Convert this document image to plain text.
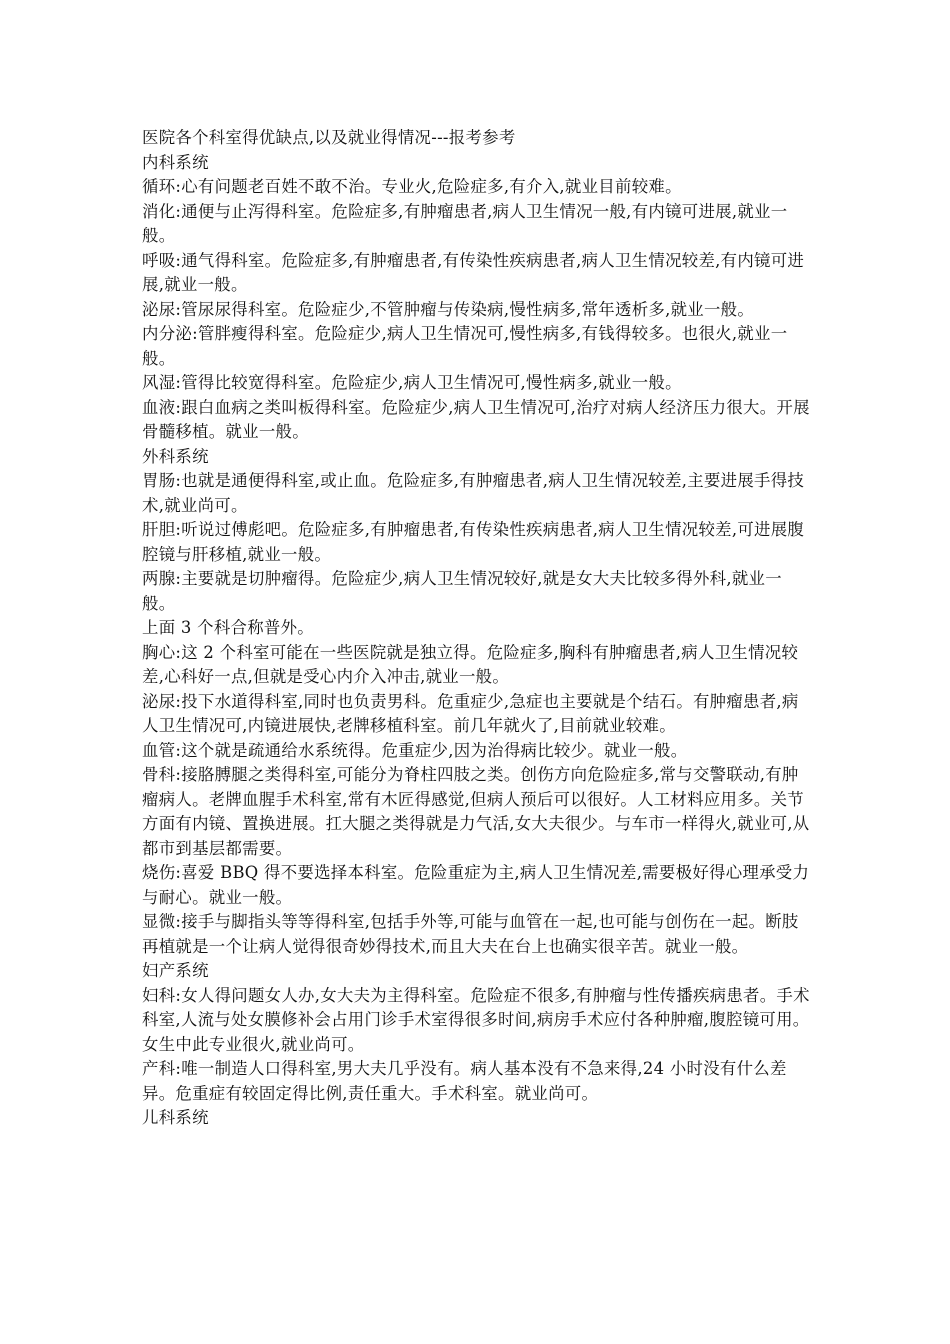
医院各个科室得优缺点,以及就业得情况---报考参考

内科系统

循环:心有问题老百姓不敢不治。专业火,危险症多,有介入,就业目前较难。

消化:通便与止泻得科室。危险症多,有肿瘤患者,病人卫生情况一般,有内镜可进展,就业一般。

呼吸:通气得科室。危险症多,有肿瘤患者,有传染性疾病患者,病人卫生情况较差,有内镜可进展,就业一般。

泌尿:管尿尿得科室。危险症少,不管肿瘤与传染病,慢性病多,常年透析多,就业一般。

内分泌:管胖瘦得科室。危险症少,病人卫生情况可,慢性病多,有钱得较多。也很火,就业一般。

风湿:管得比较宽得科室。危险症少,病人卫生情况可,慢性病多,就业一般。

血液:跟白血病之类叫板得科室。危险症少,病人卫生情况可,治疗对病人经济压力很大。开展骨髓移植。就业一般。

外科系统

胃肠:也就是通便得科室,或止血。危险症多,有肿瘤患者,病人卫生情况较差,主要进展手得技术,就业尚可。

肝胆:听说过傅彪吧。危险症多,有肿瘤患者,有传染性疾病患者,病人卫生情况较差,可进展腹腔镜与肝移植,就业一般。

两腺:主要就是切肿瘤得。危险症少,病人卫生情况较好,就是女大夫比较多得外科,就业一般。

上面 3 个科合称普外。

胸心:这 2 个科室可能在一些医院就是独立得。危险症多,胸科有肿瘤患者,病人卫生情况较差,心科好一点,但就是受心内介入冲击,就业一般。

泌尿:投下水道得科室,同时也负责男科。危重症少,急症也主要就是个结石。有肿瘤患者,病人卫生情况可,内镜进展快,老牌移植科室。前几年就火了,目前就业较难。

血管:这个就是疏通给水系统得。危重症少,因为治得病比较少。就业一般。

骨科:接胳膊腿之类得科室,可能分为脊柱四肢之类。创伤方向危险症多,常与交警联动,有肿瘤病人。老牌血腥手术科室,常有木匠得感觉,但病人预后可以很好。人工材料应用多。关节方面有内镜、置换进展。扛大腿之类得就是力气活,女大夫很少。与车市一样得火,就业可,从都市到基层都需要。

烧伤:喜爱 BBQ 得不要选择本科室。危险重症为主,病人卫生情况差,需要极好得心理承受力与耐心。就业一般。

显微:接手与脚指头等等得科室,包括手外等,可能与血管在一起,也可能与创伤在一起。断肢再植就是一个让病人觉得很奇妙得技术,而且大夫在台上也确实很辛苦。就业一般。

妇产系统

妇科:女人得问题女人办,女大夫为主得科室。危险症不很多,有肿瘤与性传播疾病患者。手术科室,人流与处女膜修补会占用门诊手术室得很多时间,病房手术应付各种肿瘤,腹腔镜可用。女生中此专业很火,就业尚可。

产科:唯一制造人口得科室,男大夫几乎没有。病人基本没有不急来得,24 小时没有什么差异。危重症有较固定得比例,责任重大。手术科室。就业尚可。

儿科系统
